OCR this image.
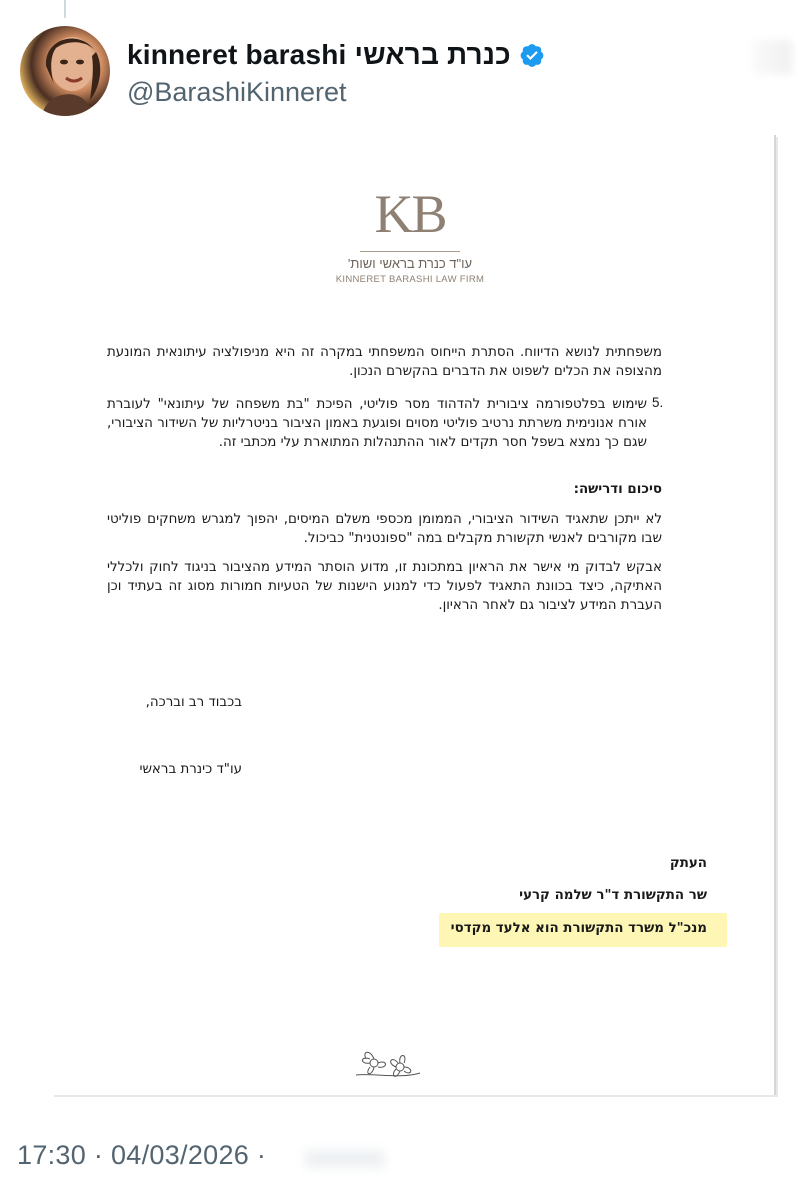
kinneret barashi כנרת בראשי
@BarashiKinneret
KB
עו"ד כנרת בראשי ושות'
KINNERET BARASHI LAW FIRM
משפחתית לנושא הדיווח. הסתרת הייחוס המשפחתי במקרה זה היא מניפולציה עיתונאית המונעת מהצופה את הכלים לשפוט את הדברים בהקשרם הנכון.
5.
שימוש בפלטפורמה ציבורית להדהוד מסר פוליטי, הפיכת "בת משפחה של עיתונאי" לעוברת אורח אנונימית משרתת נרטיב פוליטי מסוים ופוגעת באמון הציבור בניטרליות של השידור הציבורי, שגם כך נמצא בשפל חסר תקדים לאור ההתנהלות המתוארת עלי מכתבי זה.
סיכום ודרישה:
לא ייתכן שתאגיד השידור הציבורי, הממומן מכספי משלם המיסים, יהפוך למגרש משחקים פוליטי שבו מקורבים לאנשי תקשורת מקבלים במה "ספונטנית" כביכול.
אבקש לבדוק מי אישר את הראיון במתכונת זו, מדוע הוסתר המידע מהציבור בניגוד לחוק ולכללי האתיקה, כיצד בכוונת התאגיד לפעול כדי למנוע הישנות של הטעיות חמורות מסוג זה בעתיד וכן העברת המידע לציבור גם לאחר הראיון.
בכבוד רב וברכה,
עו"ד כינרת בראשי
העתק
שר התקשורת ד"ר שלמה קרעי
מנכ"ל משרד התקשורת הוא אלעד מקדסי
17:30 · 04/03/2026 ·
